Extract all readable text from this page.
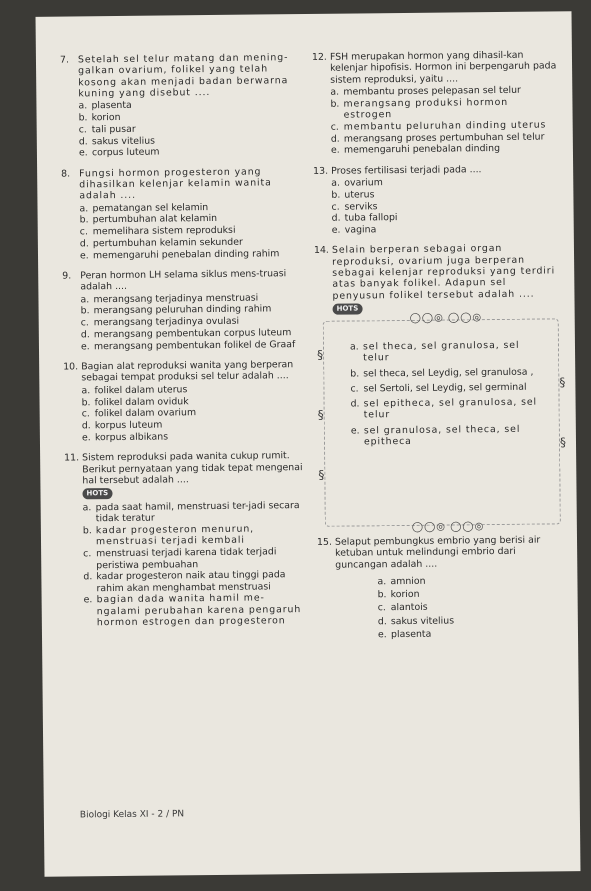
7. Setelah sel telur matang dan mening-galkan ovarium, folikel yang telah kosong akan menjadi badan berwarna kuning yang disebut ....
a. plasenta
b. korion
c. tali pusar
d. sakus vitelius
e. corpus luteum
8. Fungsi hormon progesteron yang dihasilkan kelenjar kelamin wanita adalah ....
a. pematangan sel kelamin
b. pertumbuhan alat kelamin
c. memelihara sistem reproduksi
d. pertumbuhan kelamin sekunder
e. memengaruhi penebalan dinding rahim
9. Peran hormon LH selama siklus mens-truasi adalah ....
a. merangsang terjadinya menstruasi
b. merangsang peluruhan dinding rahim
c. merangsang terjadinya ovulasi
d. merangsang pembentukan corpus luteum
e. merangsang pembentukan folikel de Graaf
10. Bagian alat reproduksi wanita yang berperan sebagai tempat produksi sel telur adalah ....
a. folikel dalam uterus
b. folikel dalam oviduk
c. folikel dalam ovarium
d. korpus luteum
e. korpus albikans
11. Sistem reproduksi pada wanita cukup rumit. Berikut pernyataan yang tidak tepat mengenai hal tersebut adalah ....
HOTS
a. pada saat hamil, menstruasi ter-jadi secara tidak teratur
b. kadar progesteron menurun, menstruasi terjadi kembali
c. menstruasi terjadi karena tidak terjadi peristiwa pembuahan
d. kadar progesteron naik atau tinggi pada rahim akan menghambat menstruasi
e. bagian dada wanita hamil me-ngalami perubahan karena pengaruh hormon estrogen dan progesteron
12. FSH merupakan hormon yang dihasil-kan kelenjar hipofisis. Hormon ini berpengaruh pada sistem reproduksi, yaitu ....
a. membantu proses pelepasan sel telur
b. merangsang produksi hormon estrogen
c. membantu peluruhan dinding uterus
d. merangsang proses pertumbuhan sel telur
e. memengaruhi penebalan dinding
13. Proses fertilisasi terjadi pada ....
a. ovarium
b. uterus
c. serviks
d. tuba fallopi
e. vagina
14. Selain berperan sebagai organ reproduksi, ovarium juga berperan sebagai kelenjar reproduksi yang terdiri atas banyak folikel. Adapun sel penyusun folikel tersebut adalah ....
HOTS
◯◯◎ ◯◯◎
◯◯◎ ◯◯◎
§
§
§
§
§
a. sel theca, sel granulosa, sel telur
b. sel theca, sel Leydig, sel granulosa ,
c. sel Sertoli, sel Leydig, sel germinal
d. sel epitheca, sel granulosa, sel telur
e. sel granulosa, sel theca, sel epitheca
15. Selaput pembungkus embrio yang berisi air ketuban untuk melindungi embrio dari guncangan adalah ....
a. amnion
b. korion
c. alantois
d. sakus vitelius
e. plasenta
Biologi Kelas XI - 2 / PN
